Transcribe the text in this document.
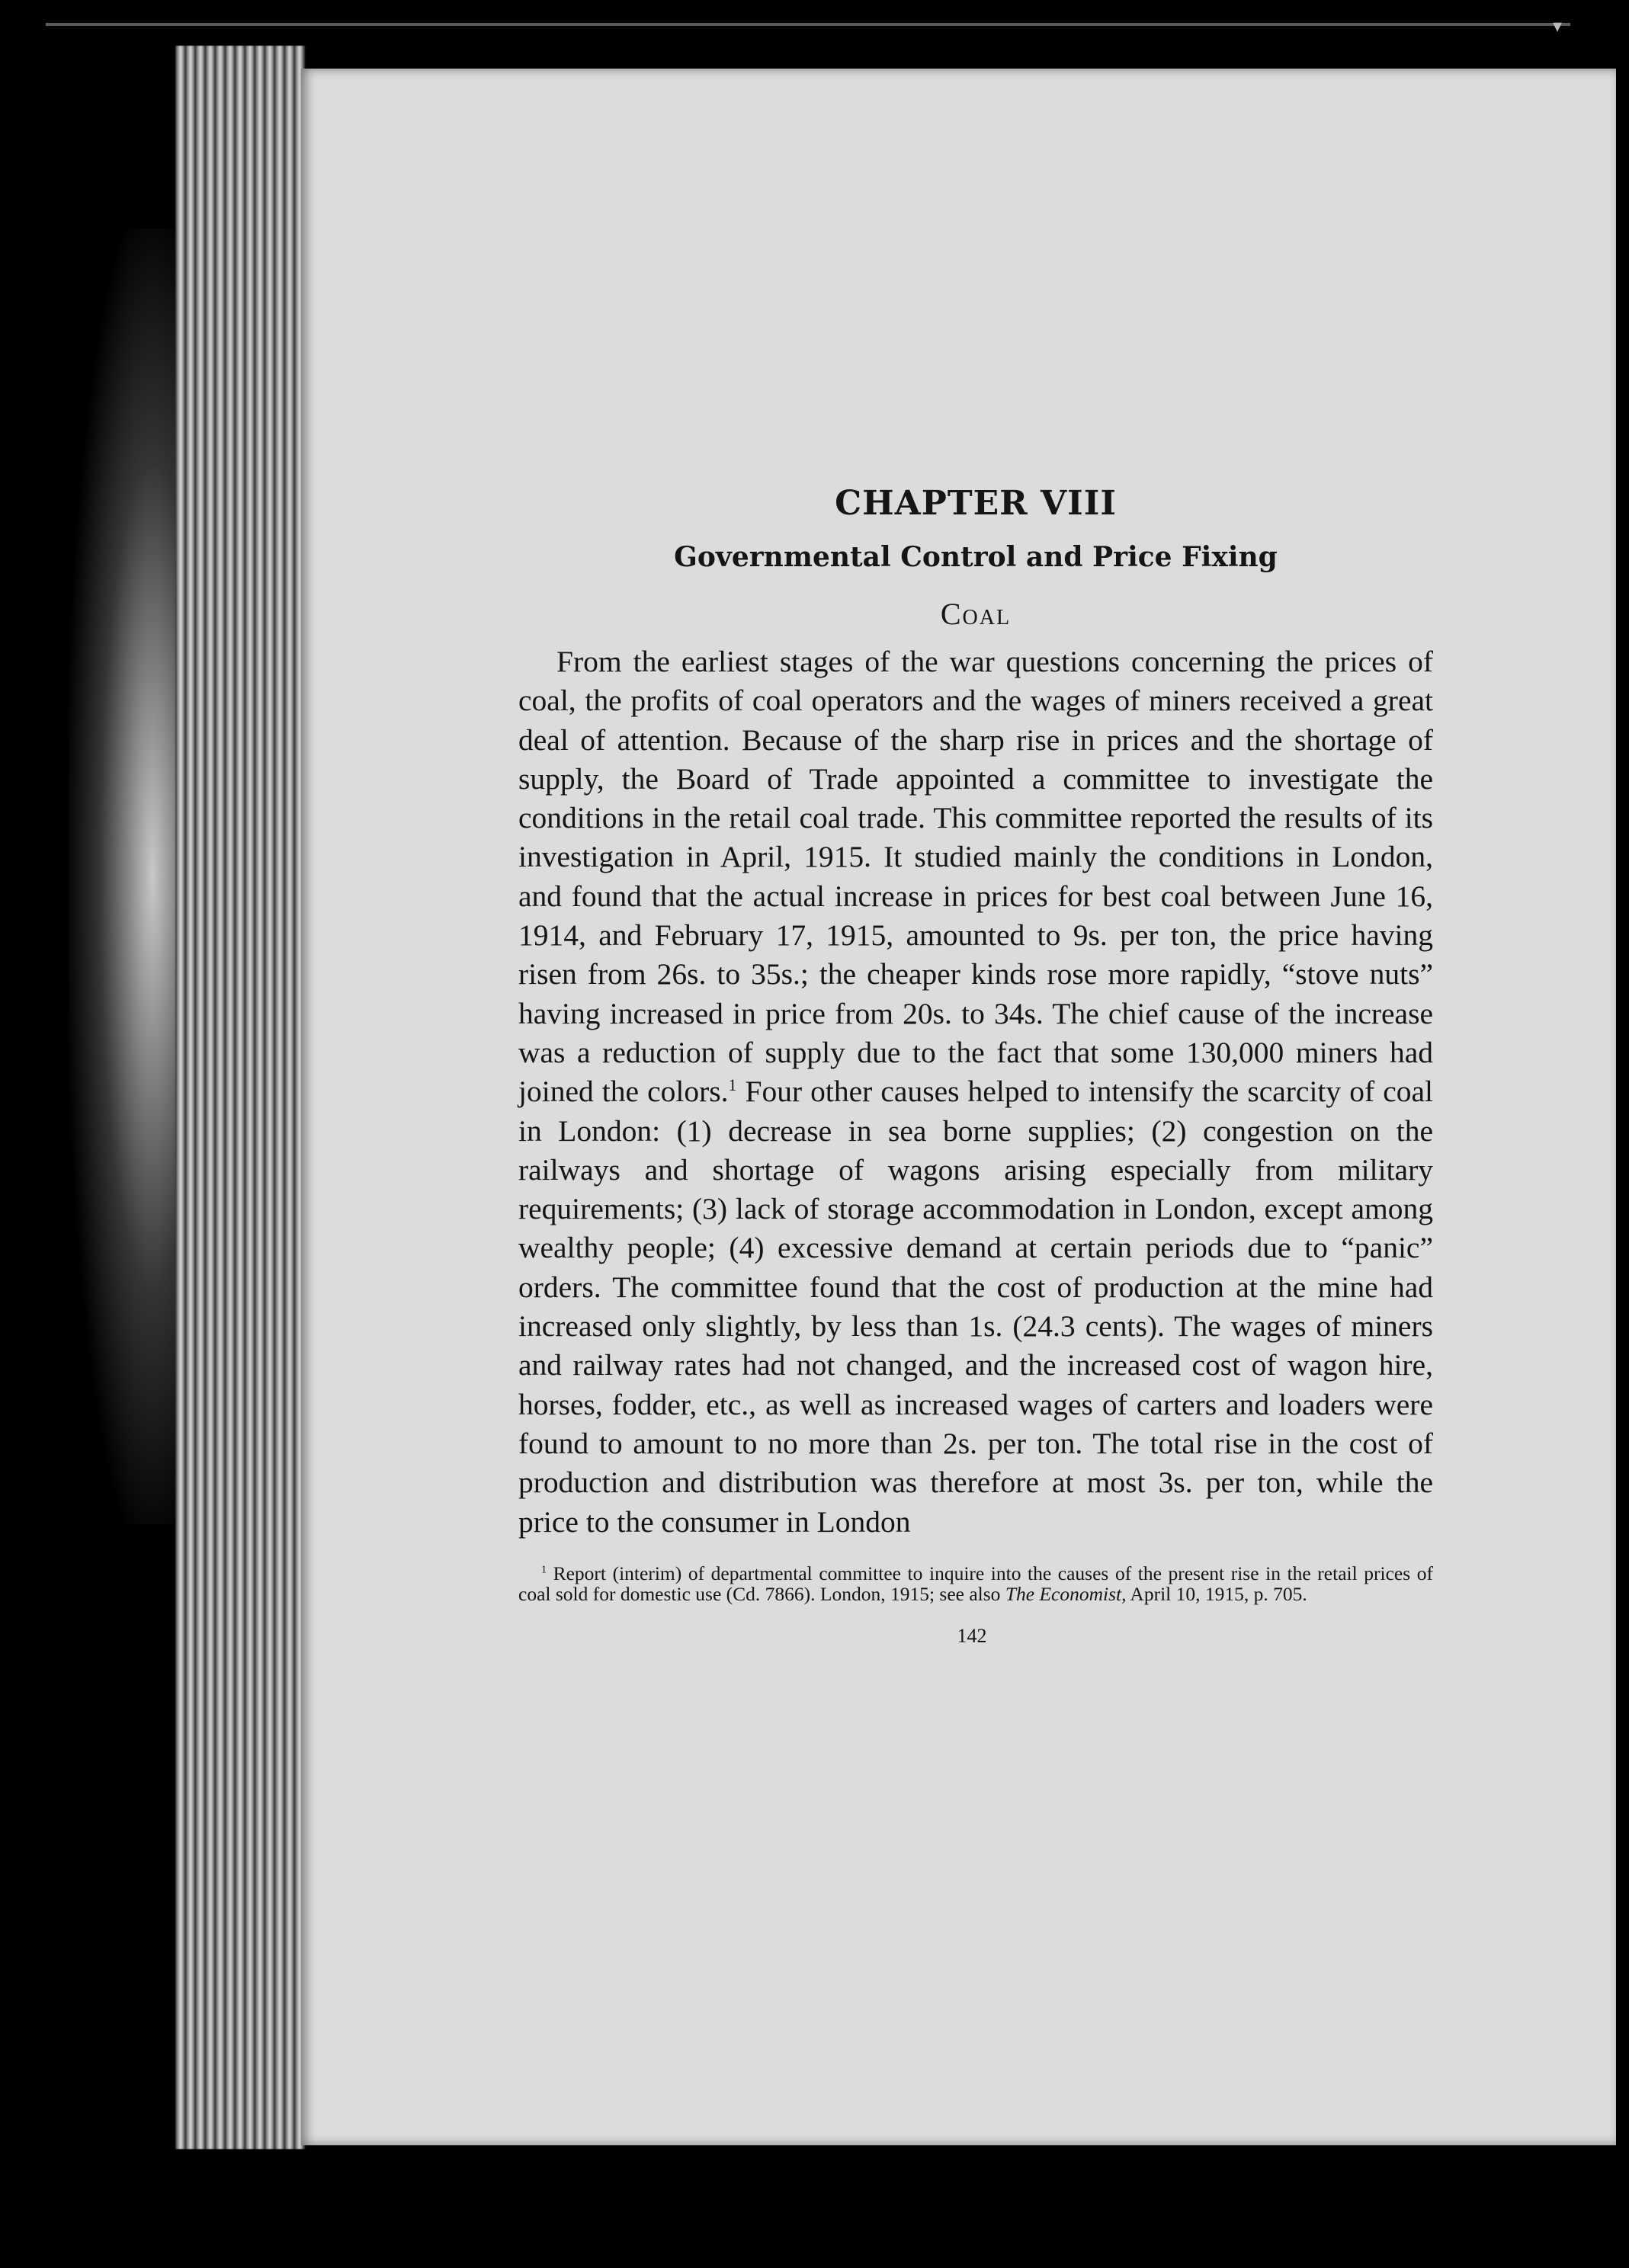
▾
CHAPTER VIII
Governmental Control and Price Fixing
Coal

From the earliest stages of the war questions concerning the prices of coal, the profits of coal operators and the wages of miners received a great deal of attention. Because of the sharp rise in prices and the shortage of supply, the Board of Trade appointed a committee to investigate the conditions in the retail coal trade. This committee reported the results of its investigation in April, 1915. It studied mainly the conditions in London, and found that the actual increase in prices for best coal between June 16, 1914, and February 17, 1915, amounted to 9s. per ton, the price having risen from 26s. to 35s.; the cheaper kinds rose more rapidly, “stove nuts” having increased in price from 20s. to 34s. The chief cause of the increase was a reduction of supply due to the fact that some 130,000 miners had joined the colors.$^1$ Four other causes helped to intensify the scarcity of coal in London: (1) decrease in sea borne supplies; (2) congestion on the railways and shortage of wagons arising especially from military requirements; (3) lack of storage accommodation in London, except among wealthy people; (4) excessive demand at certain periods due to “panic” orders. The committee found that the cost of production at the mine had increased only slightly, by less than 1s. (24.3 cents). The wages of miners and railway rates had not changed, and the increased cost of wagon hire, horses, fodder, etc., as well as increased wages of carters and loaders were found to amount to no more than 2s. per ton. The total rise in the cost of production and distribution was therefore at most 3s. per ton, while the price to the consumer in London

$^1$ Report (interim) of departmental committee to inquire into the causes of the present rise in the retail prices of coal sold for domestic use (Cd. 7866). London, 1915; see also The Economist, April 10, 1915, p. 705.

142
